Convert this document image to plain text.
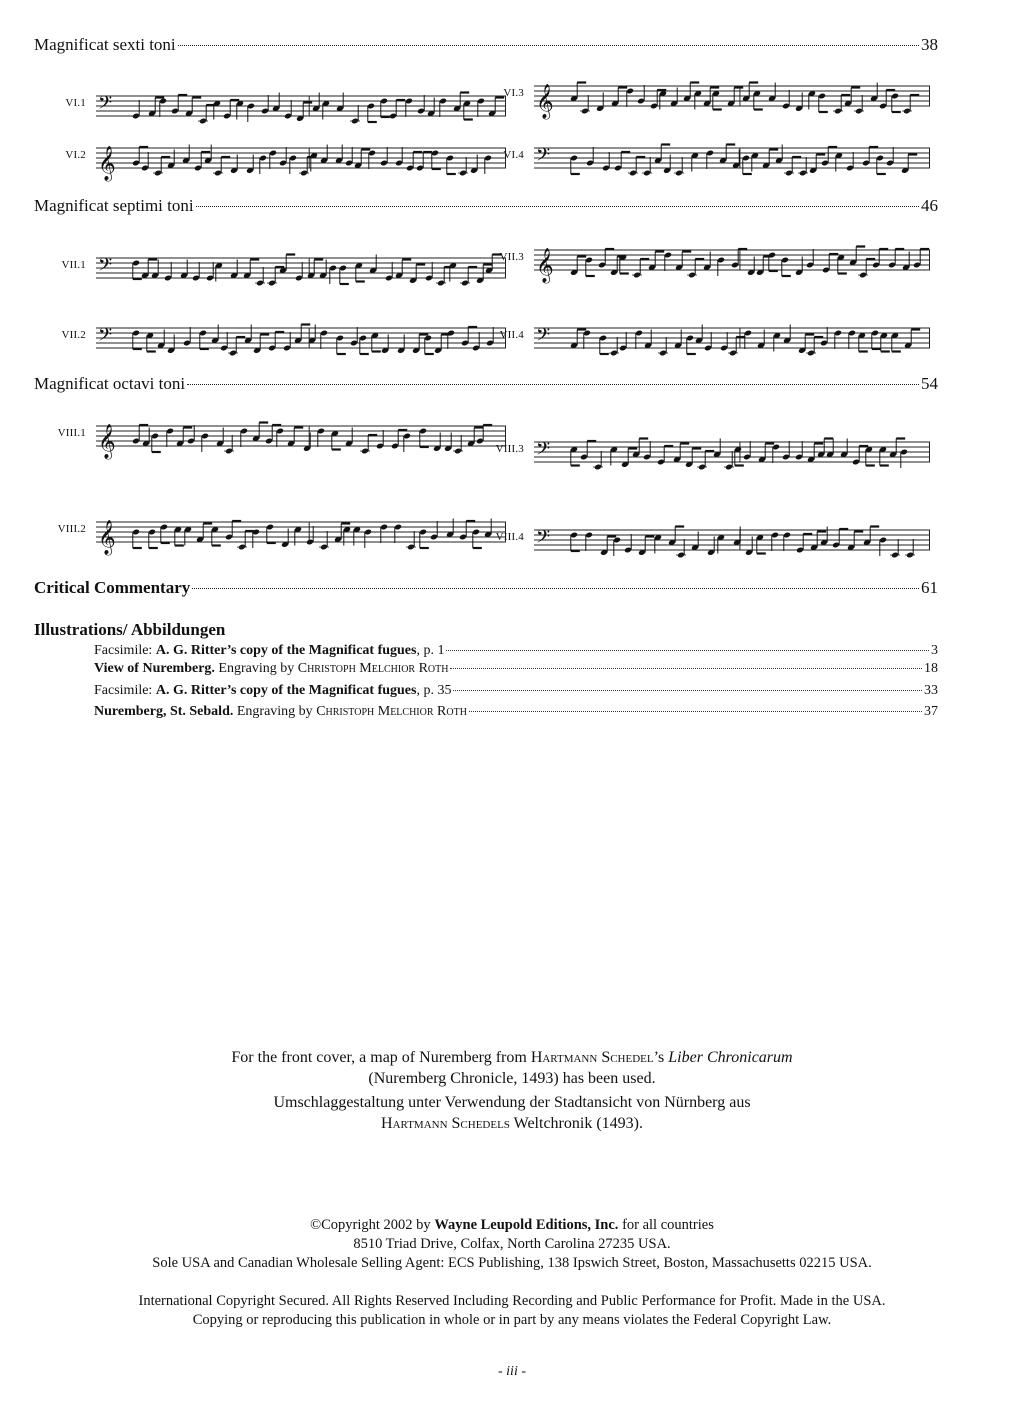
Magnificat sexti toni	38
VI.1 𝄢
VI.2 𝄞
VI.3 𝄞
VI.4 𝄢
Magnificat septimi toni	46
VII.1 𝄢
VII.2 𝄢
VII.3 𝄞
VII.4 𝄢
Magnificat octavi toni	54
VIII.1 𝄞
VIII.2 𝄞
VIII.3 𝄢
VIII.4 𝄢
Critical Commentary	61
Illustrations/ Abbildungen
Facsimile: A. G. Ritter’s copy of the Magnificat fugues, p. 1	3
View of Nuremberg. Engraving by Christoph Melchior Roth	18
Facsimile: A. G. Ritter’s copy of the Magnificat fugues, p. 35	33
Nuremberg, St. Sebald. Engraving by Christoph Melchior Roth	37
For the front cover, a map of Nuremberg from Hartmann Schedel’s Liber Chronicarum
(Nuremberg Chronicle, 1493) has been used.
Umschlaggestaltung unter Verwendung der Stadtansicht von Nürnberg aus
Hartmann Schedels Weltchronik (1493).
©Copyright 2002 by Wayne Leupold Editions, Inc. for all countries
8510 Triad Drive, Colfax, North Carolina 27235 USA.
Sole USA and Canadian Wholesale Selling Agent: ECS Publishing, 138 Ipswich Street, Boston, Massachusetts 02215 USA.
International Copyright Secured. All Rights Reserved Including Recording and Public Performance for Profit. Made in the USA.
Copying or reproducing this publication in whole or in part by any means violates the Federal Copyright Law.
- iii -
